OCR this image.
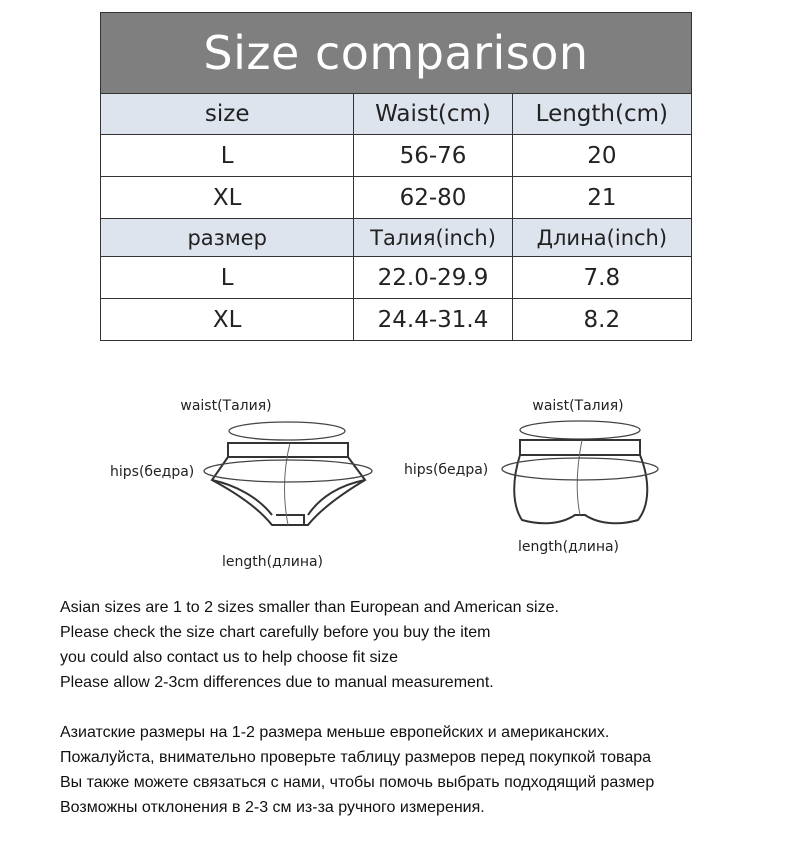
Size comparison		
size	Waist(cm)	Length(cm)
L	56-76	20
XL	62-80	21
размер	Талия(inch)	Длина(inch)
L	22.0-29.9	7.8
XL	24.4-31.4	8.2
waist(Талия)
hips(бедра)
length(длина)
waist(Талия)
hips(бедра)
length(длина)
Asian sizes are 1 to 2 sizes smaller than European and American size.
Please check the size chart carefully before you buy the item
you could also contact us to help choose fit size
Please allow 2-3cm differences due to manual measurement.
Азиатские размеры на 1-2 размера меньше европейских и американских.
Пожалуйста, внимательно проверьте таблицу размеров перед покупкой товара
Вы также можете связаться с нами, чтобы помочь выбрать подходящий размер
Возможны отклонения в 2-3 см из-за ручного измерения.
